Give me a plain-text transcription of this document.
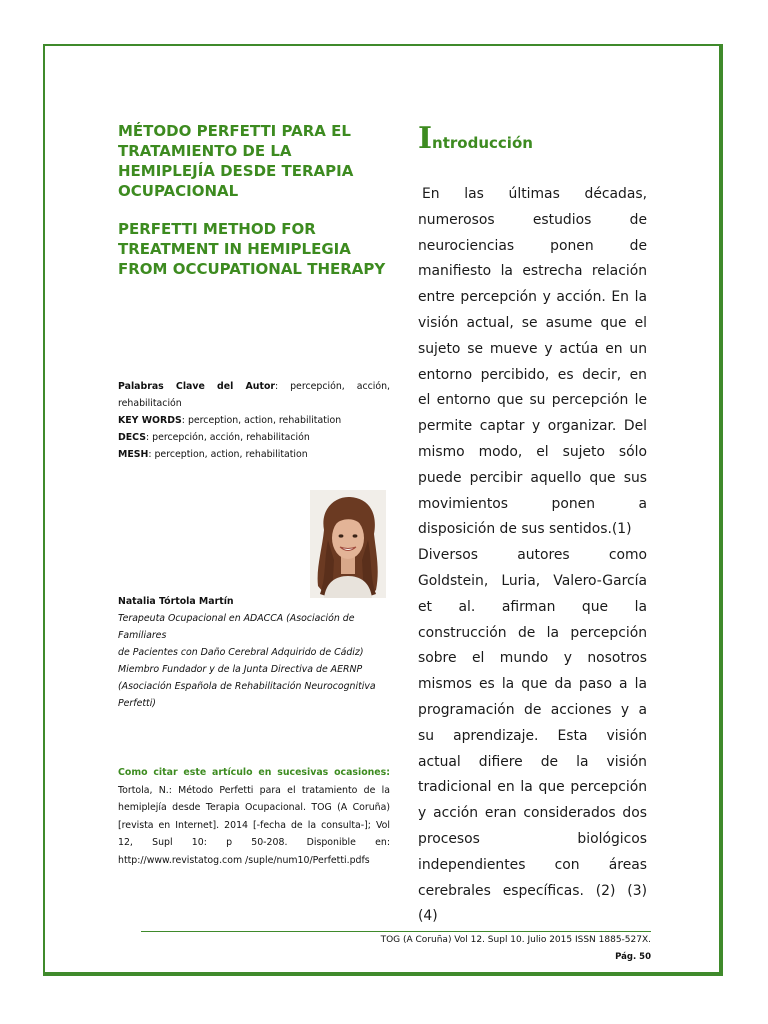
MÉTODO PERFETTI PARA EL TRATAMIENTO DE LA HEMIPLEJÍA DESDE TERAPIA OCUPACIONAL
PERFETTI METHOD FOR TREATMENT IN HEMIPLEGIA FROM OCCUPATIONAL THERAPY

Palabras Clave del Autor: percepción, acción,

rehabilitación

KEY WORDS: perception, action, rehabilitation

DECS: percepción, acción, rehabilitación

MESH: perception, action, rehabilitation

Natalia Tórtola Martín

Terapeuta Ocupacional en ADACCA (Asociación de Familiares

de Pacientes con Daño Cerebral Adquirido de Cádiz)

Miembro Fundador y de la Junta Directiva de AERNP

(Asociación Española de Rehabilitación Neurocognitiva

Perfetti)

Como citar este artículo en sucesivas ocasiones:

Tortola, N.: Método Perfetti para el tratamiento de la hemiplejía desde Terapia Ocupacional. TOG (A Coruña) [revista en Internet]. 2014 [-fecha de la consulta-]; Vol 12, Supl 10: p 50-208. Disponible en: http://www.revistatog.com /suple/num10/Perfetti.pdfs

Introducción

En las últimas décadas, numerosos estudios de neurociencias ponen de manifiesto la estrecha relación entre percepción y acción. En la visión actual, se asume que el sujeto se mueve y actúa en un entorno percibido, es decir, en el entorno que su percepción le permite captar y organizar. Del mismo modo, el sujeto sólo puede percibir aquello que sus movimientos ponen a disposición de sus sentidos.(1)

Diversos autores como Goldstein, Luria, Valero-García et al. afirman que la construcción de la percepción sobre el mundo y nosotros mismos es la que da paso a la programación de acciones y a su aprendizaje. Esta visión actual difiere de la visión tradicional en la que percepción y acción eran considerados dos procesos biológicos independientes con áreas cerebrales específicas. (2) (3) (4)

TOG (A Coruña) Vol 12. Supl 10. Julio 2015 ISSN 1885-527X.
Pág. 50
